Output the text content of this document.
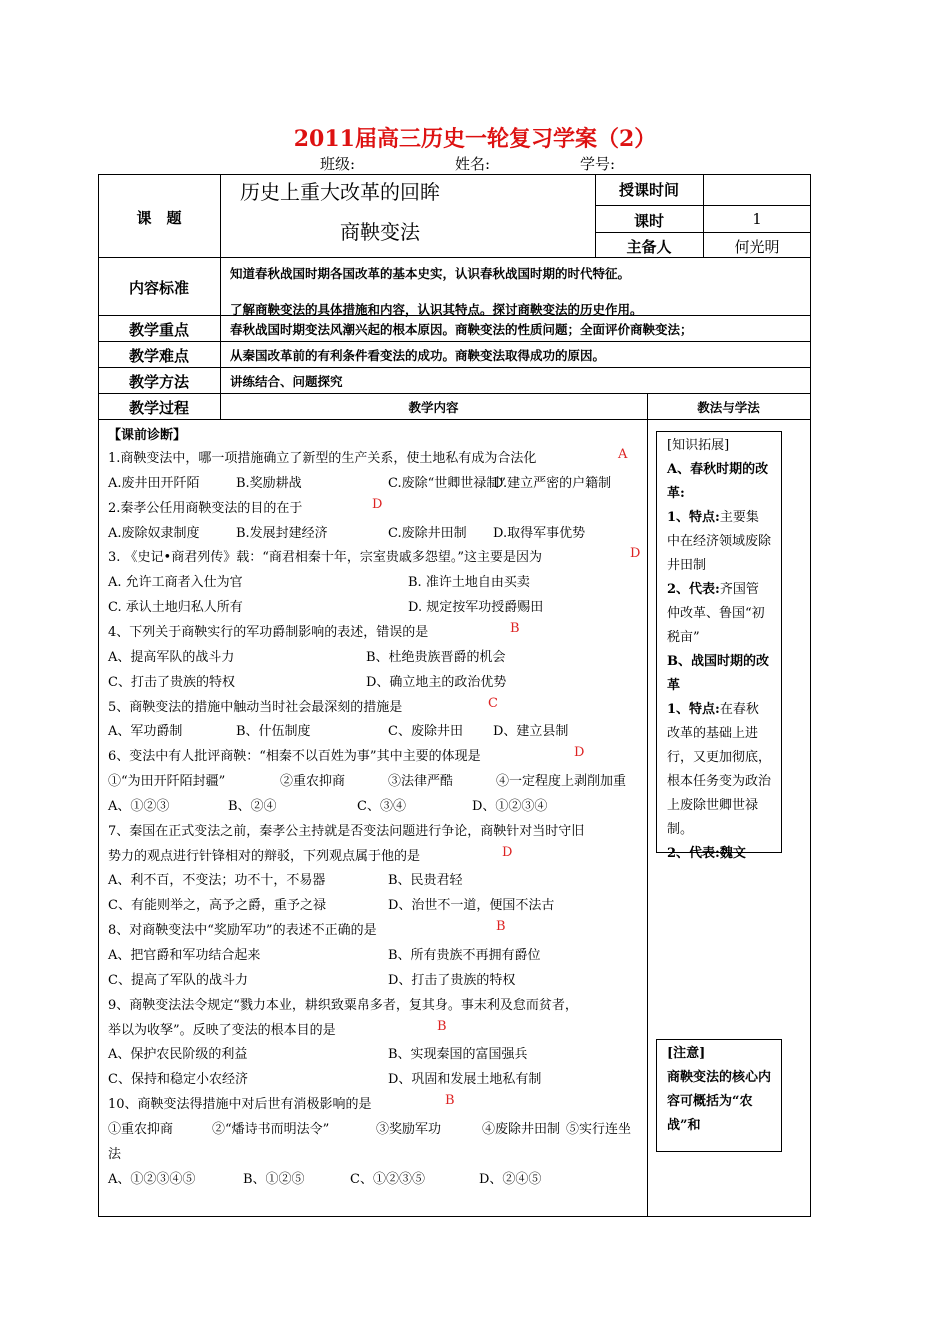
2011届高三历史一轮复习学案（2）
班级:	姓名:	学号:
课　题
历史上重大改革的回眸
商鞅变法
授课时间
课时	1
主备人	何光明
内容标准
知道春秋战国时期各国改革的基本史实，认识春秋战国时期的时代特征。
了解商鞅变法的具体措施和内容，认识其特点。探讨商鞅变法的历史作用。
教学重点	春秋战国时期变法风潮兴起的根本原因。商鞅变法的性质问题；全面评价商鞅变法；
教学难点	从秦国改革前的有利条件看变法的成功。商鞅变法取得成功的原因。
教学方法	讲练结合、问题探究
教学过程	教学内容	教法与学法
【课前诊断】
1.商鞅变法中，哪一项措施确立了新型的生产关系，使土地私有成为合法化	A
A.废井田开阡陌	B.奖励耕战	C.废除“世卿世禄制”
D.建立严密的户籍制
2.秦孝公任用商鞅变法的目的在于	D
A.废除奴隶制度	B.发展封建经济	C.废除井田制 D.取得军事优势
3. 《史记•商君列传》载：“商君相秦十年，宗室贵戚多怨望。”这主要是因为	D
A. 允许工商者入仕为官	B. 准许土地自由买卖
C. 承认土地归私人所有	D. 规定按军功授爵赐田
4、下列关于商鞅实行的军功爵制影响的表述，错误的是	B
A、提高军队的战斗力	B、杜绝贵族晋爵的机会
C、打击了贵族的特权	D、确立地主的政治优势
5、商鞅变法的措施中触动当时社会最深刻的措施是	C
A、军功爵制	B、什伍制度	C、废除井田 D、建立县制
6、变法中有人批评商鞅：“相秦不以百姓为事”其中主要的体现是	D
①“为田开阡陌封疆”	②重农抑商	③法律严酷	④一定程度上剥削加重
A、①②③	B、②④	C、③④	D、①②③④
7、秦国在正式变法之前，秦孝公主持就是否变法问题进行争论，商鞅针对当时守旧
势力的观点进行针锋相对的辩驳，下列观点属于他的是	D
A、利不百，不变法；功不十，不易器	B、民贵君轻
C、有能则举之，高予之爵，重予之禄	D、治世不一道，便国不法古
8、对商鞅变法中“奖励军功”的表述不正确的是	B
A、把官爵和军功结合起来	B、所有贵族不再拥有爵位
C、提高了军队的战斗力	D、打击了贵族的特权
9、商鞅变法法令规定“戮力本业，耕织致粟帛多者，复其身。事末利及怠而贫者，
举以为收孥”。反映了变法的根本目的是	B
A、保护农民阶级的利益	B、实现秦国的富国强兵
C、保持和稳定小农经济	D、巩固和发展土地私有制
10、商鞅变法得措施中对后世有消极影响的是	B
①重农抑商	②“燔诗书而明法令”	③奖励军功	④废除井田制 ⑤实行连坐
法
A、①②③④⑤	B、①②⑤	C、①②③⑤	D、②④⑤
[知识拓展]
A、春秋时期的改革:
1、特点:主要集中在经济领域废除井田制
2、代表:齐国管仲改革、鲁国“初税亩”
B、战国时期的改革
1、特点:在春秋改革的基础上进行，又更加彻底，根本任务变为政治上废除世卿世禄制。
2、代表:魏文
[注意]
商鞅变法的核心内容可概括为“农战”和
